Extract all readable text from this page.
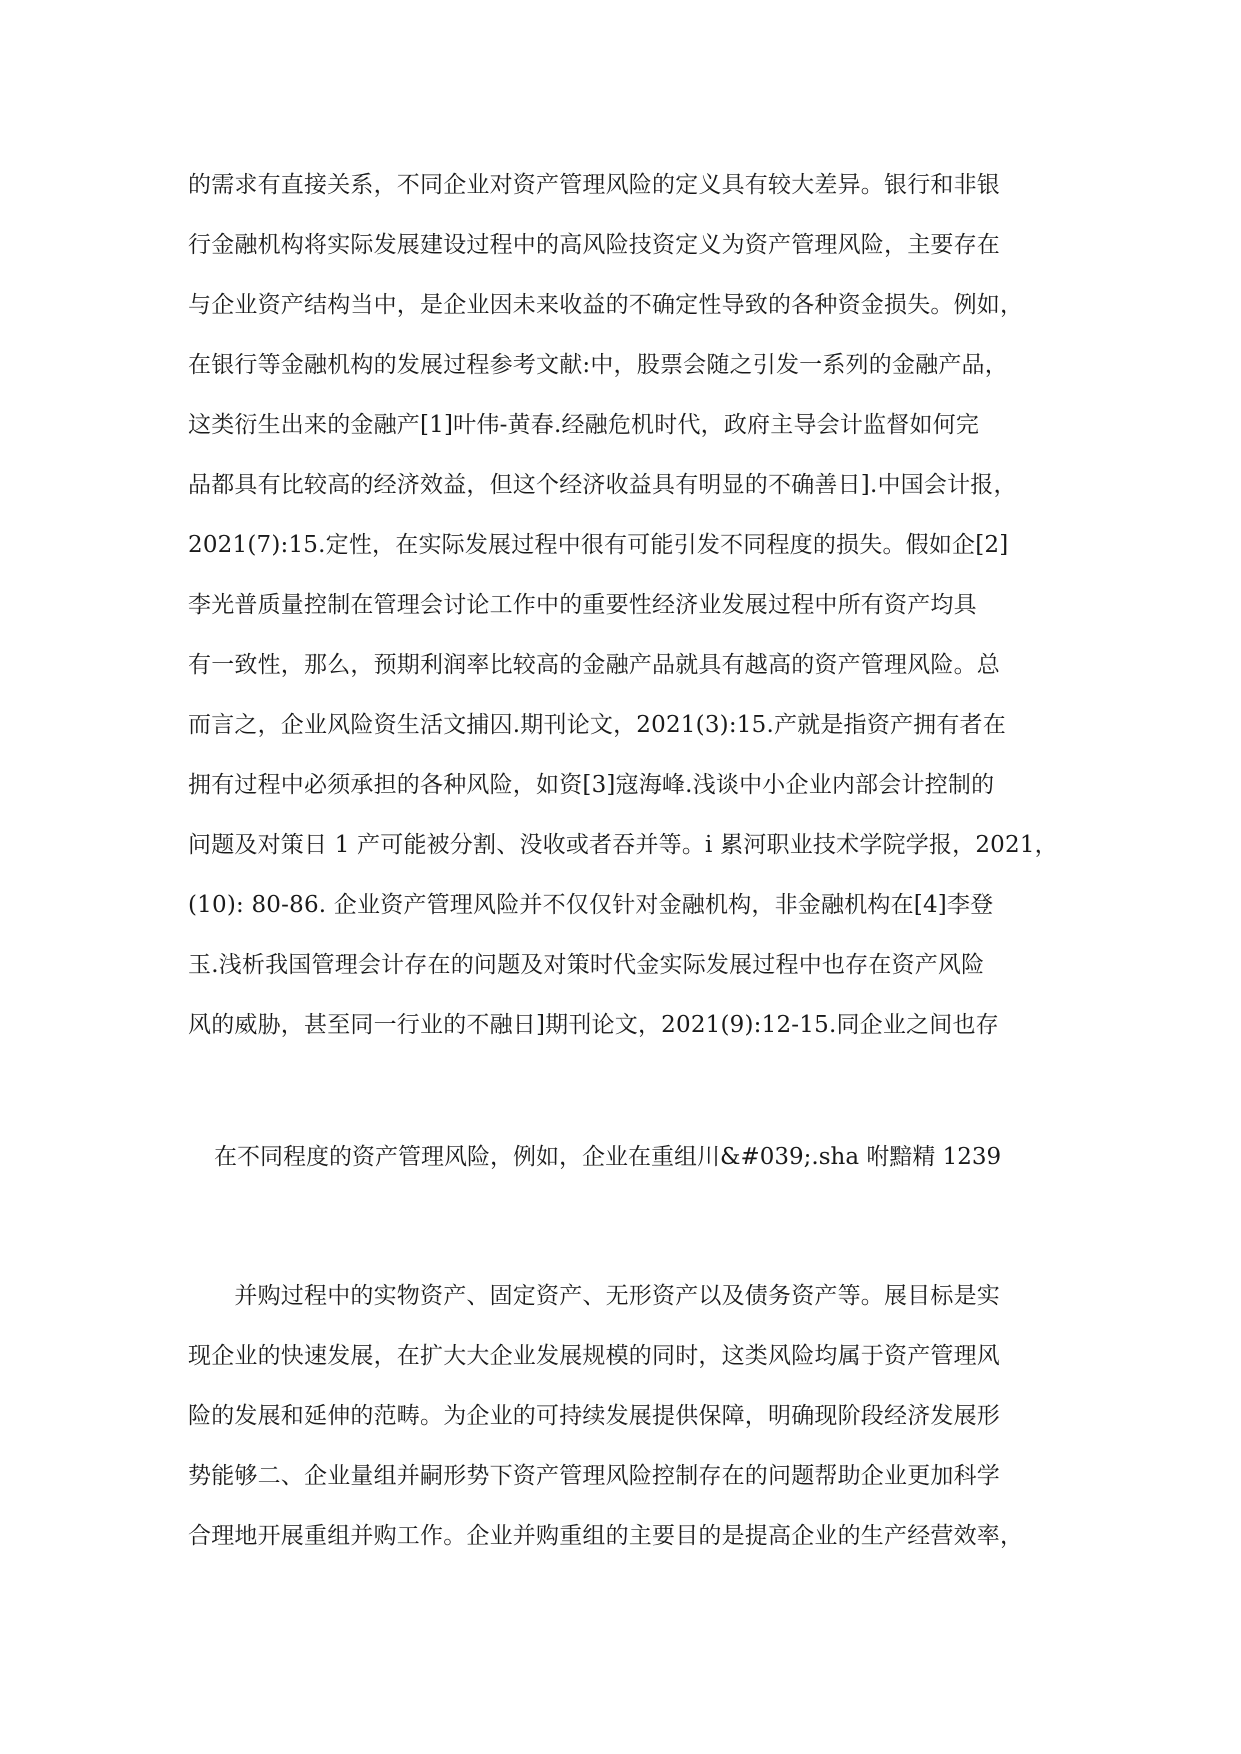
的需求有直接关系，不同企业对资产管理风险的定义具有较大差异。银行和非银
行金融机构将实际发展建设过程中的高风险技资定义为资产管理风险，主要存在
与企业资产结构当中，是企业因未来收益的不确定性导致的各种资金损失。例如，
在银行等金融机构的发展过程参考文献:中，股票会随之引发一系列的金融产品，
这类衍生出来的金融产[1]叶伟-黄春.经融危机时代，政府主导会计监督如何完
品都具有比较高的经济效益，但这个经济收益具有明显的不确善日].中国会计报，
2021(7):15.定性，在实际发展过程中很有可能引发不同程度的损失。假如企[2]
李光普质量控制在管理会讨论工作中的重要性经济业发展过程中所有资产均具
有一致性，那么，预期利润率比较高的金融产品就具有越高的资产管理风险。总
而言之，企业风险资生活文捕囚.期刊论文，2021(3):15.产就是指资产拥有者在
拥有过程中必须承担的各种风险，如资[3]寇海峰.浅谈中小企业内部会计控制的
问题及对策日 1 产可能被分割、没收或者吞并等。i 累河职业技术学院学报，2021，
(10): 80-86. 企业资产管理风险并不仅仅针对金融机构，非金融机构在[4]李登
玉.浅析我国管理会计存在的问题及对策时代金实际发展过程中也存在资产风险
风的威胁，甚至同一行业的不融日]期刊论文，2021(9):12-15.同企业之间也存
在不同程度的资产管理风险，例如，企业在重组川&#039;.sha 咐黯精 1239
　　并购过程中的实物资产、固定资产、无形资产以及债务资产等。展目标是实
现企业的快速发展，在扩大大企业发展规模的同时，这类风险均属于资产管理风
险的发展和延伸的范畴。为企业的可持续发展提供保障，明确现阶段经济发展形
势能够二、企业量组并嗣形势下资产管理风险控制存在的问题帮助企业更加科学
合理地开展重组并购工作。企业并购重组的主要目的是提高企业的生产经营效率，
